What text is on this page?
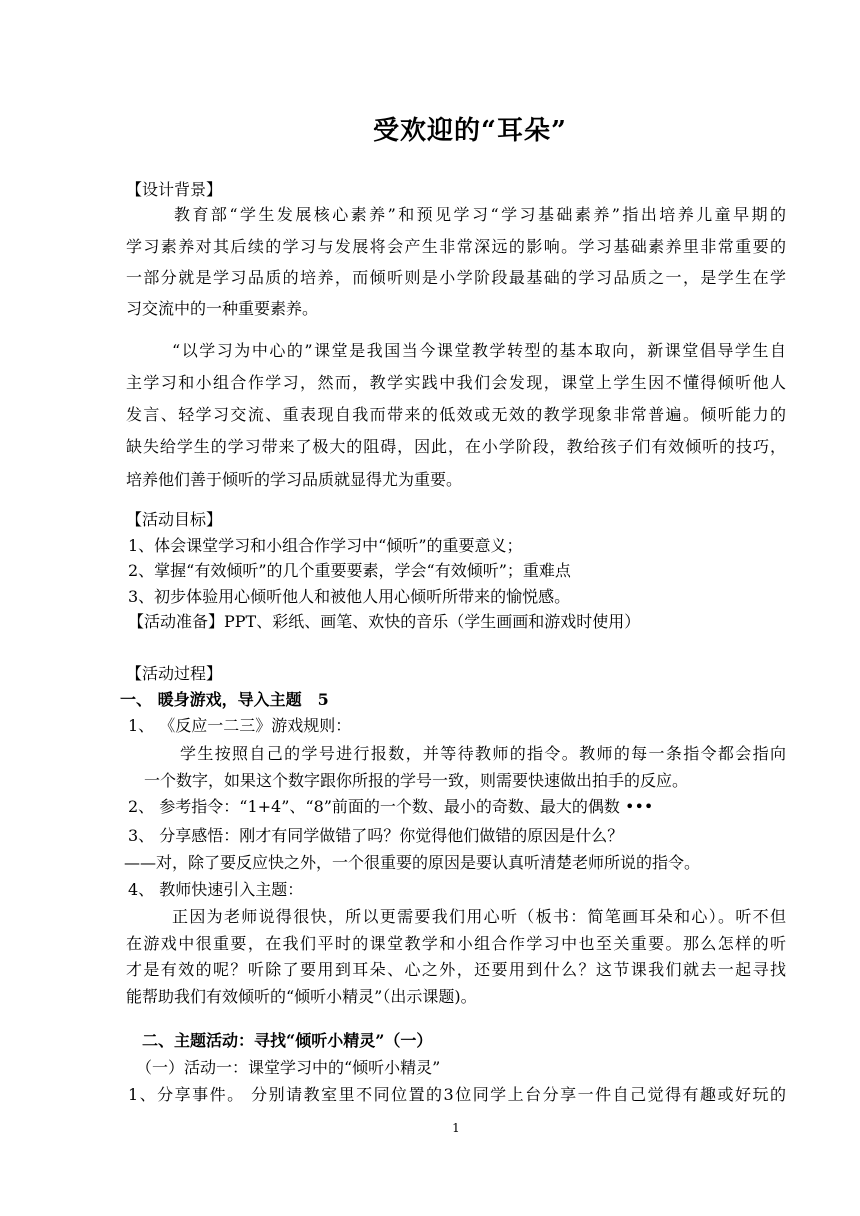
受欢迎的“耳朵”
【设计背景】
教育部“学生发展核心素养”和预见学习“学习基础素养”指出培养儿童早期的
学习素养对其后续的学习与发展将会产生非常深远的影响。学习基础素养里非常重要的
一部分就是学习品质的培养，而倾听则是小学阶段最基础的学习品质之一，是学生在学
习交流中的一种重要素养。
“以学习为中心的”课堂是我国当今课堂教学转型的基本取向，新课堂倡导学生自
主学习和小组合作学习，然而，教学实践中我们会发现，课堂上学生因不懂得倾听他人
发言、轻学习交流、重表现自我而带来的低效或无效的教学现象非常普遍。倾听能力的
缺失给学生的学习带来了极大的阻碍，因此，在小学阶段，教给孩子们有效倾听的技巧，
培养他们善于倾听的学习品质就显得尤为重要。
【活动目标】
1、体会课堂学习和小组合作学习中“倾听”的重要意义；
2、掌握“有效倾听”的几个重要要素，学会“有效倾听”；重难点
3、初步体验用心倾听他人和被他人用心倾听所带来的愉悦感。
【活动准备】PPT、彩纸、画笔、欢快的音乐（学生画画和游戏时使用）
【活动过程】
一、 暖身游戏，导入主题　5
1、 《反应一二三》游戏规则：
学生按照自己的学号进行报数，并等待教师的指令。教师的每一条指令都会指向
一个数字，如果这个数字跟你所报的学号一致，则需要快速做出拍手的反应。
2、 参考指令：“1+4”、“8”前面的一个数、最小的奇数、最大的偶数 •••
3、 分享感悟：刚才有同学做错了吗？你觉得他们做错的原因是什么？
——对，除了要反应快之外，一个很重要的原因是要认真听清楚老师所说的指令。
4、 教师快速引入主题：
正因为老师说得很快，所以更需要我们用心听（板书：简笔画耳朵和心）。听不但
在游戏中很重要，在我们平时的课堂教学和小组合作学习中也至关重要。那么怎样的听
才是有效的呢？听除了要用到耳朵、心之外，还要用到什么？这节课我们就去一起寻找
能帮助我们有效倾听的“倾听小精灵”（出示课题)。
二、主题活动：寻找“倾听小精灵”（一）
（一）活动一：课堂学习中的“倾听小精灵”
1、分享事件。 分别请教室里不同位置的3位同学上台分享一件自己觉得有趣或好玩的
1
